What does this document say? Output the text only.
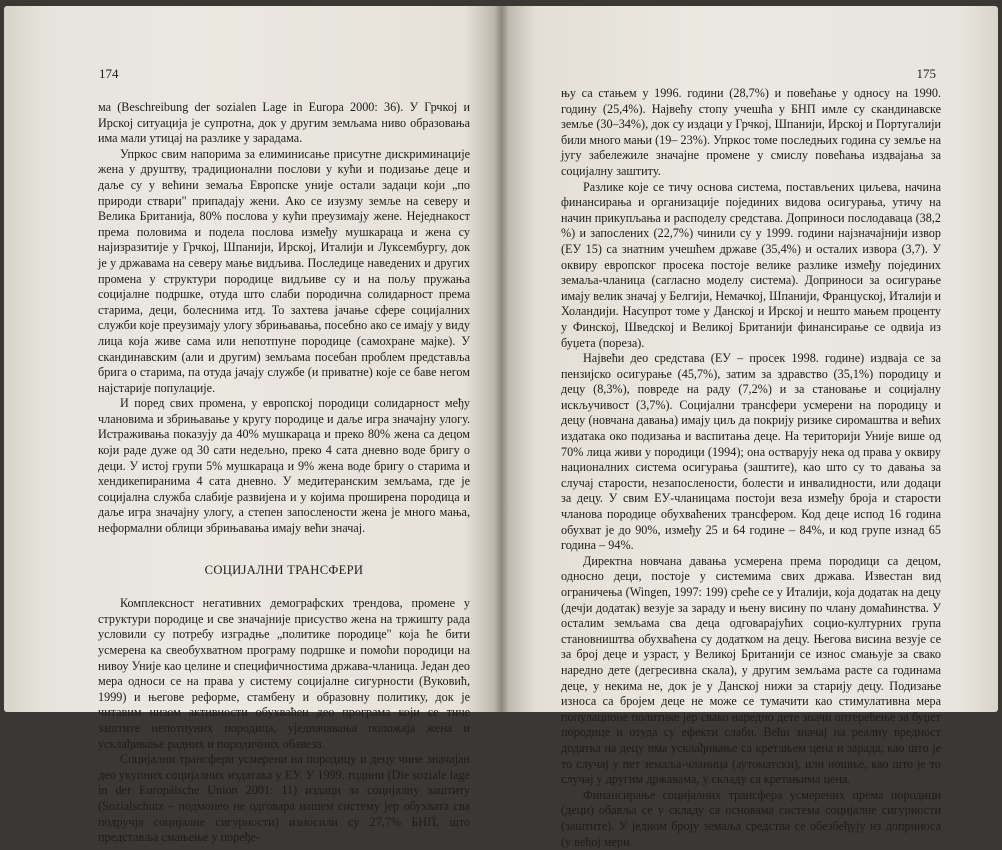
174

ма (Beschreibung der sozialen Lage in Europa 2000: 36). У Грчкој и Ирској ситуација је супротна, док у другим земљама ниво образовања има мали утицај на разлике у зарадама.

Упркос свим напорима за елиминисање присутне дискриминације жена у друштву, традиционални послови у кући и подизање деце и даље су у већини земаља Европске уније остали задаци који „по природи ствари" припадају жени. Ако се изузму земље на северу и Велика Британија, 80% послова у кући преузимају жене. Неједнакост према половима и подела послова између мушкараца и жена су најизразитије у Грчкој, Шпанији, Ирској, Италији и Луксембургу, док је у државама на северу мање видљива. Последице наведених и других промена у структури породице видљиве су и на пољу пружања социјалне подршке, отуда што слаби породична солидарност према старима, деци, болеснима итд. То захтева јачање сфере социјалних служби које преузимају улогу збрињавања, посебно ако се имају у виду лица која живе сама или непотпуне породице (самохране мајке). У скандинавским (али и другим) земљама посебан проблем представља брига о старима, па отуда јачају службе (и приватне) које се баве негом најстарије популације.

И поред свих промена, у европској породици солидарност међу члановима и збрињавање у кругу породице и даље игра значајну улогу. Истраживања показују да 40% мушкараца и преко 80% жена са децом који раде дуже од 30 сати недељно, преко 4 сата дневно воде бригу о деци. У истој групи 5% мушкараца и 9% жена воде бригу о старима и хендикепиранима 4 сата дневно. У медитеранским земљама, где је социјална служба слабије развијена и у којима проширена породица и даље игра значајну улогу, а степен запослености жена је много мања, неформални облици збрињавања имају већи значај.

СОЦИЈАЛНИ ТРАНСФЕРИ

Комплексност негативних демографских трендова, промене у структури породице и све значајније присуство жена на тржишту рада условили су потребу изградње „политике породице" која ће бити усмерена ка свеобухватном програму подршке и помоћи породици на нивоу Уније као целине и специфичностима држава-чланица. Један део мера односи се на права у систему социјалне сигурности (Вуковић, 1999) и његове реформе, стамбену и образовну политику, док је читавим низом активности обухваћен део програма који се тиче заштите непотпуних породица, уједначавања положаја жена и усклађивање радних и породичних обавеза.

Социјални трансфери усмерени на породицу и децу чине значајан део укупних социјалних издатака у ЕУ. У 1999. години (Die soziale lage in der Europäische Union 2001: 11) издаци за социјалну заштиту (Sozialschutz – подмонео не одговара нашем систему јер обухвата сва подручја социјалне сигурности) износили су 27,7% БНП, што представља смањење у поређе-

175

њу са стањем у 1996. години (28,7%) и повећање у односу на 1990. годину (25,4%). Највећу стопу учешћа у БНП имле су скандинавске земље (30–34%), док су издаци у Грчкој, Шпанији, Ирској и Португалији били много мањи (19– 23%). Упркос томе последњих година су земље на југу забележиле значајне промене у смислу повећања издвајања за социјалну заштиту.

Разлике које се тичу основа система, постављених циљева, начина финансирања и организације појединих видова осигурања, утичу на начин прикупљања и расподелу средстава. Доприноси послодаваца (38,2 %) и запослених (22,7%) чинили су у 1999. години најзначајнији извор (ЕУ 15) са знатним учешћем државе (35,4%) и осталих извора (3,7). У оквиру европског просека постоје велике разлике између појединих земаља-чланица (сагласно моделу система). Доприноси за осигурање имају велик значај у Белгији, Немачкој, Шпанији, Француској, Италији и Холандији. Насупрот томе у Данској и Ирској и нешто мањем проценту у Финској, Шведској и Великој Британији финансирање се одвија из буџета (пореза).

Највећи део средстава (ЕУ – просек 1998. године) издваја се за пензијско осигурање (45,7%), затим за здравство (35,1%) породицу и децу (8,3%), повреде на раду (7,2%) и за становање и социјалну искључивост (3,7%). Социјални трансфери усмерени на породицу и децу (новчана давања) имају циљ да покрију ризике сиромаштва и већих издатака око подизања и васпитања деце. На територији Уније више од 70% лица живи у породици (1994); она остварују нека од права у оквиру националних система осигурања (заштите), као што су то давања за случај старости, незапослености, болести и инвалидности, или додаци за децу. У свим ЕУ-чланицама постоји веза између броја и старости чланова породице обухваћених трансфером. Код деце испод 16 година обухват је до 90%, између 25 и 64 године – 84%, и код групе изнад 65 година – 94%.

Директна новчана давања усмерена према породици са децом, односно деци, постоје у системима свих држава. Известан вид ограничења (Wingen, 1997: 199) среће се у Италији, која додатак на децу (дечји додатак) везује за зараду и њену висину по члану домаћинства. У осталим земљама сва деца одговарајућих социо-културних група становништва обухваћена су додатком на децу. Његова висина везује се за број деце и узраст, у Великој Британији се износ смањује за свако наредно дете (дегресивна скала), у другим земљама расте са годинама деце, у некима не, док је у Данској нижи за старију децу. Подизање износа са бројем деце не може се тумачити као стимулативна мера популационе политике јер свако наредно дете значи оптерећење за буџет породице и отуда су ефекти слаби. Већи значај на реалну вредност додатка на децу има усклађивање са кретањем цена и зарада, као што је то случај у пет земаља-чланица (аутоматски), или ношње, као што је то случај у другим државама, у складу са кретањима цена.

Финансирање социјалних трансфера усмерених према породици (деци) обавља се у складу са основама система социјалне сигурности (заштите). У једном броју земаља средства се обезбеђују из доприноса (у већој мери
